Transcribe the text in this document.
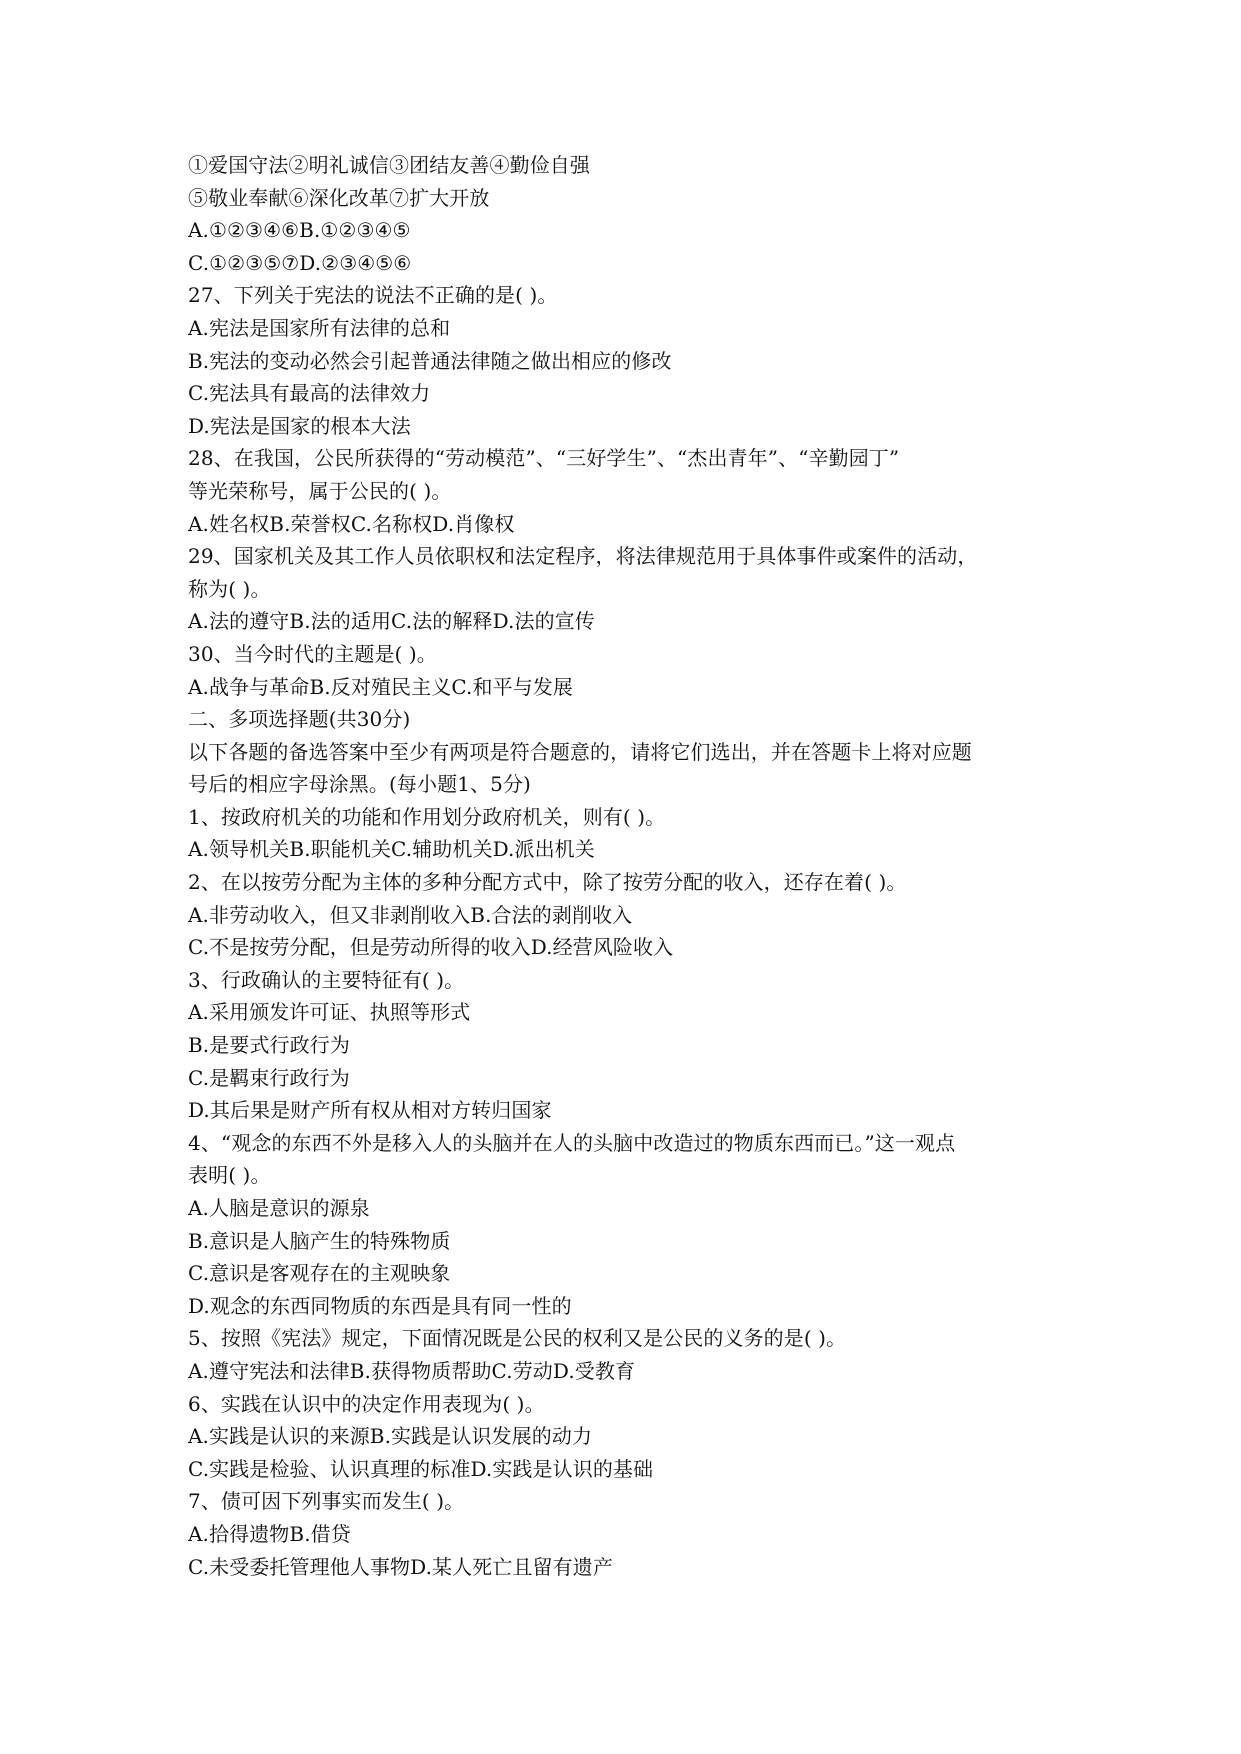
①爱国守法②明礼诚信③团结友善④勤俭自强

⑤敬业奉献⑥深化改革⑦扩大开放

A.①②③④⑥B.①②③④⑤

C.①②③⑤⑦D.②③④⑤⑥

27、下列关于宪法的说法不正确的是( )。

A.宪法是国家所有法律的总和

B.宪法的变动必然会引起普通法律随之做出相应的修改

C.宪法具有最高的法律效力

D.宪法是国家的根本大法

28、在我国，公民所获得的“劳动模范”、“三好学生”、“杰出青年”、“辛勤园丁”

等光荣称号，属于公民的( )。

A.姓名权B.荣誉权C.名称权D.肖像权

29、国家机关及其工作人员依职权和法定程序，将法律规范用于具体事件或案件的活动，

称为( )。

A.法的遵守B.法的适用C.法的解释D.法的宣传

30、当今时代的主题是( )。

A.战争与革命B.反对殖民主义C.和平与发展

二、多项选择题(共30分)

以下各题的备选答案中至少有两项是符合题意的，请将它们选出，并在答题卡上将对应题

号后的相应字母涂黑。(每小题1、5分)

1、按政府机关的功能和作用划分政府机关，则有( )。

A.领导机关B.职能机关C.辅助机关D.派出机关

2、在以按劳分配为主体的多种分配方式中，除了按劳分配的收入，还存在着( )。

A.非劳动收入，但又非剥削收入B.合法的剥削收入

C.不是按劳分配，但是劳动所得的收入D.经营风险收入

3、行政确认的主要特征有( )。

A.采用颁发许可证、执照等形式

B.是要式行政行为

C.是羁束行政行为

D.其后果是财产所有权从相对方转归国家

4、“观念的东西不外是移入人的头脑并在人的头脑中改造过的物质东西而已。”这一观点

表明( )。

A.人脑是意识的源泉

B.意识是人脑产生的特殊物质

C.意识是客观存在的主观映象

D.观念的东西同物质的东西是具有同一性的

5、按照《宪法》规定，下面情况既是公民的权利又是公民的义务的是( )。

A.遵守宪法和法律B.获得物质帮助C.劳动D.受教育

6、实践在认识中的决定作用表现为( )。

A.实践是认识的来源B.实践是认识发展的动力

C.实践是检验、认识真理的标准D.实践是认识的基础

7、债可因下列事实而发生( )。

A.拾得遗物B.借贷

C.未受委托管理他人事物D.某人死亡且留有遗产
